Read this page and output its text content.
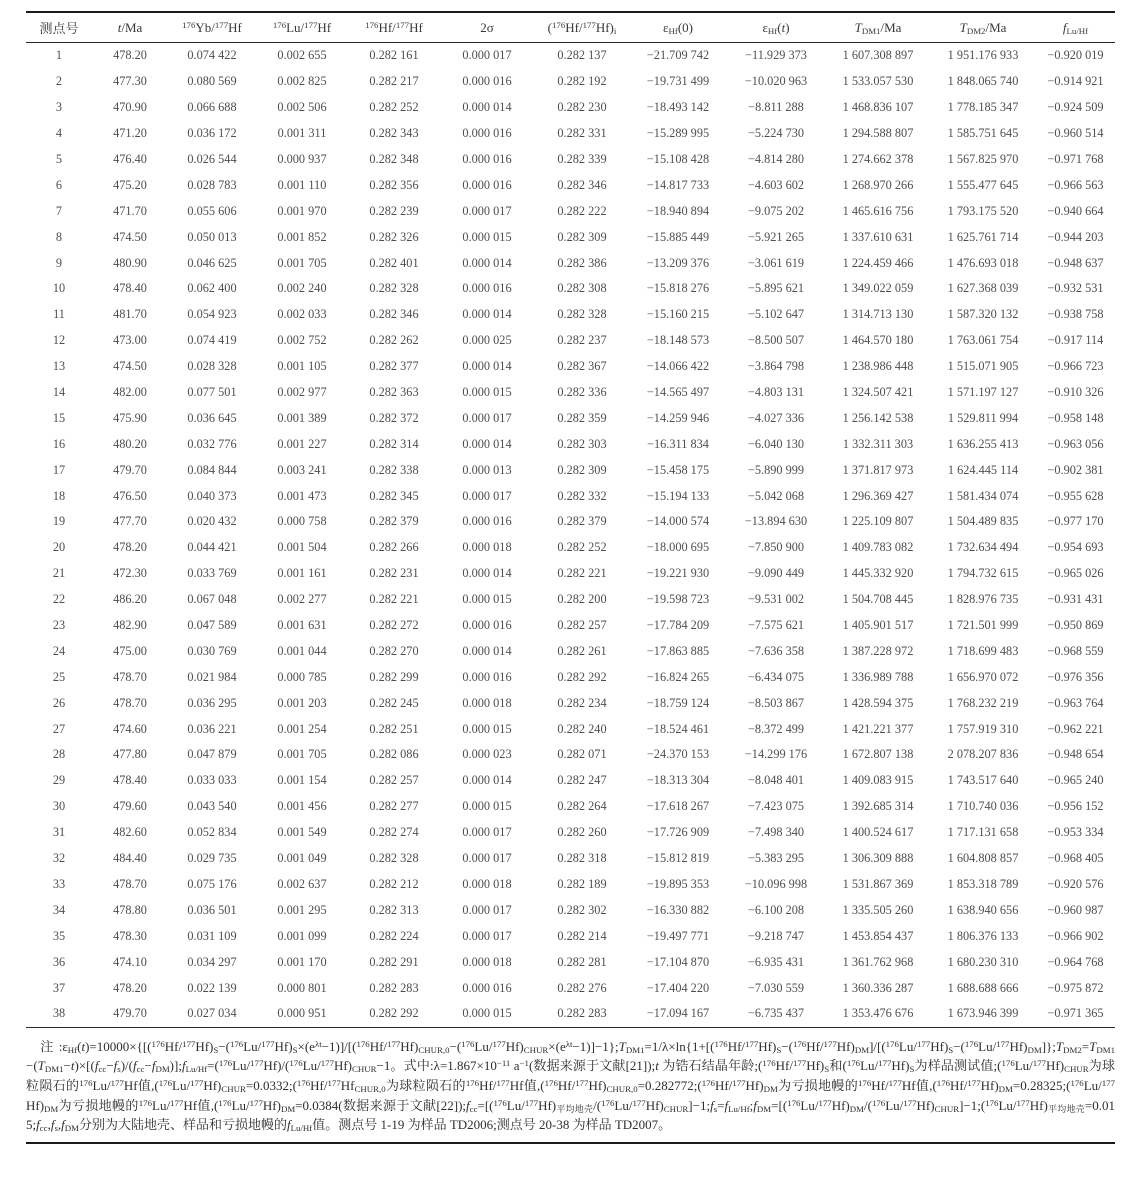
测点号	t/Ma	$^{176}$Yb/$^{177}$Hf	$^{176}$Lu/$^{177}$Hf	$^{176}$Hf/$^{177}$Hf	2σ	$(^{176}Hf/^{177}Hf)_i$	$\varepsilon_{Hf}(0)$	$\varepsilon_{Hf}(t)$	$T_{DM1}/Ma$	$T_{DM2}/Ma$	$f_{Lu/Hf}$
1	478.20	0.074 422	0.002 655	0.282 161	0.000 017	0.282 137	−21.709 742	−11.929 373	1 607.308 897	1 951.176 933	−0.920 019
2	477.30	0.080 569	0.002 825	0.282 217	0.000 016	0.282 192	−19.731 499	−10.020 963	1 533.057 530	1 848.065 740	−0.914 921
3	470.90	0.066 688	0.002 506	0.282 252	0.000 014	0.282 230	−18.493 142	−8.811 288	1 468.836 107	1 778.185 347	−0.924 509
4	471.20	0.036 172	0.001 311	0.282 343	0.000 016	0.282 331	−15.289 995	−5.224 730	1 294.588 807	1 585.751 645	−0.960 514
5	476.40	0.026 544	0.000 937	0.282 348	0.000 016	0.282 339	−15.108 428	−4.814 280	1 274.662 378	1 567.825 970	−0.971 768
6	475.20	0.028 783	0.001 110	0.282 356	0.000 016	0.282 346	−14.817 733	−4.603 602	1 268.970 266	1 555.477 645	−0.966 563
7	471.70	0.055 606	0.001 970	0.282 239	0.000 017	0.282 222	−18.940 894	−9.075 202	1 465.616 756	1 793.175 520	−0.940 664
8	474.50	0.050 013	0.001 852	0.282 326	0.000 015	0.282 309	−15.885 449	−5.921 265	1 337.610 631	1 625.761 714	−0.944 203
9	480.90	0.046 625	0.001 705	0.282 401	0.000 014	0.282 386	−13.209 376	−3.061 619	1 224.459 466	1 476.693 018	−0.948 637
10	478.40	0.062 400	0.002 240	0.282 328	0.000 016	0.282 308	−15.818 276	−5.895 621	1 349.022 059	1 627.368 039	−0.932 531
11	481.70	0.054 923	0.002 033	0.282 346	0.000 014	0.282 328	−15.160 215	−5.102 647	1 314.713 130	1 587.320 132	−0.938 758
12	473.00	0.074 419	0.002 752	0.282 262	0.000 025	0.282 237	−18.148 573	−8.500 507	1 464.570 180	1 763.061 754	−0.917 114
13	474.50	0.028 328	0.001 105	0.282 377	0.000 014	0.282 367	−14.066 422	−3.864 798	1 238.986 448	1 515.071 905	−0.966 723
14	482.00	0.077 501	0.002 977	0.282 363	0.000 015	0.282 336	−14.565 497	−4.803 131	1 324.507 421	1 571.197 127	−0.910 326
15	475.90	0.036 645	0.001 389	0.282 372	0.000 017	0.282 359	−14.259 946	−4.027 336	1 256.142 538	1 529.811 994	−0.958 148
16	480.20	0.032 776	0.001 227	0.282 314	0.000 014	0.282 303	−16.311 834	−6.040 130	1 332.311 303	1 636.255 413	−0.963 056
17	479.70	0.084 844	0.003 241	0.282 338	0.000 013	0.282 309	−15.458 175	−5.890 999	1 371.817 973	1 624.445 114	−0.902 381
18	476.50	0.040 373	0.001 473	0.282 345	0.000 017	0.282 332	−15.194 133	−5.042 068	1 296.369 427	1 581.434 074	−0.955 628
19	477.70	0.020 432	0.000 758	0.282 379	0.000 016	0.282 379	−14.000 574	−13.894 630	1 225.109 807	1 504.489 835	−0.977 170
20	478.20	0.044 421	0.001 504	0.282 266	0.000 018	0.282 252	−18.000 695	−7.850 900	1 409.783 082	1 732.634 494	−0.954 693
21	472.30	0.033 769	0.001 161	0.282 231	0.000 014	0.282 221	−19.221 930	−9.090 449	1 445.332 920	1 794.732 615	−0.965 026
22	486.20	0.067 048	0.002 277	0.282 221	0.000 015	0.282 200	−19.598 723	−9.531 002	1 504.708 445	1 828.976 735	−0.931 431
23	482.90	0.047 589	0.001 631	0.282 272	0.000 016	0.282 257	−17.784 209	−7.575 621	1 405.901 517	1 721.501 999	−0.950 869
24	475.00	0.030 769	0.001 044	0.282 270	0.000 014	0.282 261	−17.863 885	−7.636 358	1 387.228 972	1 718.699 483	−0.968 559
25	478.70	0.021 984	0.000 785	0.282 299	0.000 016	0.282 292	−16.824 265	−6.434 075	1 336.989 788	1 656.970 072	−0.976 356
26	478.70	0.036 295	0.001 203	0.282 245	0.000 018	0.282 234	−18.759 124	−8.503 867	1 428.594 375	1 768.232 219	−0.963 764
27	474.60	0.036 221	0.001 254	0.282 251	0.000 015	0.282 240	−18.524 461	−8.372 499	1 421.221 377	1 757.919 310	−0.962 221
28	477.80	0.047 879	0.001 705	0.282 086	0.000 023	0.282 071	−24.370 153	−14.299 176	1 672.807 138	2 078.207 836	−0.948 654
29	478.40	0.033 033	0.001 154	0.282 257	0.000 014	0.282 247	−18.313 304	−8.048 401	1 409.083 915	1 743.517 640	−0.965 240
30	479.60	0.043 540	0.001 456	0.282 277	0.000 015	0.282 264	−17.618 267	−7.423 075	1 392.685 314	1 710.740 036	−0.956 152
31	482.60	0.052 834	0.001 549	0.282 274	0.000 017	0.282 260	−17.726 909	−7.498 340	1 400.524 617	1 717.131 658	−0.953 334
32	484.40	0.029 735	0.001 049	0.282 328	0.000 017	0.282 318	−15.812 819	−5.383 295	1 306.309 888	1 604.808 857	−0.968 405
33	478.70	0.075 176	0.002 637	0.282 212	0.000 018	0.282 189	−19.895 353	−10.096 998	1 531.867 369	1 853.318 789	−0.920 576
34	478.80	0.036 501	0.001 295	0.282 313	0.000 017	0.282 302	−16.330 882	−6.100 208	1 335.505 260	1 638.940 656	−0.960 987
35	478.30	0.031 109	0.001 099	0.282 224	0.000 017	0.282 214	−19.497 771	−9.218 747	1 453.854 437	1 806.376 133	−0.966 902
36	474.10	0.034 297	0.001 170	0.282 291	0.000 018	0.282 281	−17.104 870	−6.935 431	1 361.762 968	1 680.230 310	−0.964 768
37	478.20	0.022 139	0.000 801	0.282 283	0.000 016	0.282 276	−17.404 220	−7.030 559	1 360.336 287	1 688.688 666	−0.975 872
38	479.70	0.027 034	0.000 951	0.282 292	0.000 015	0.282 283	−17.094 167	−6.735 437	1 353.476 676	1 673.946 399	−0.971 365

注$:\varepsilon_{Hf}(t)=10000\times\{[(^{176}Hf/^{177}Hf)_S-(^{176}Lu/^{177}Hf)_S\times(e^{\lambda t}-1)]/[(^{176}Hf/^{177}Hf)_{CHUR,0}-(^{176}Lu/^{177}Hf)_{CHUR}\times(e^{\lambda t}-1)]-1\};T_{DM1}=1/\lambda\times\ln\{1+[(^{176}Hf/^{177}Hf)_S-(^{176}Hf/^{177}Hf)_{DM}]/[(^{176}Lu{}/^{177}Hf)_S-(^{176}Lu/^{177}Hf)_{DM}]\};T_{DM2}=T_{DM1}-(T_{DM1}-t)\times[(f_{cc}-f_s)/(f_{cc}-f_{DM})];f_{Lu/Hf}=(^{176}Lu/^{177}Hf)/(^{176}Lu/^{177}Hf)_{CHUR}-1$。式中$:\lambda=1.867\times 10^{-11}$ $a^{-1}$(数据来源于文献[21]);t 为锆石结晶年龄$;(^{176}Hf/^{177}Hf)_S$和$(^{176}Lu/^{177}Hf)_S$为样品测试值$;(^{176}Lu/^{177}Hf)_{CHUR}$为球粒陨石的$^{176}$Lu/$^{177}$Hf值$,(^{176}Lu/^{177}Hf)_{CHUR}=0.0332;(^{176}Hf/^{177}Hf_{CHUR,0}$为球粒陨石的$^{176}$Hf/$^{177}$Hf值$,(^{176}Hf/^{177}Hf)_{CHUR,0}=0.282772;(^{176}Hf/^{177}Hf)_{DM}$为亏损地幔的$^{176}$Hf/$^{177}$Hf值$,(^{176}Hf/^{177}Hf)_{DM}=0.28325;(^{176}Lu/^{177}Hf)_{DM}$为亏损地幔的$^{176}$Lu/$^{177}$Hf值$,(^{176}Lu/^{177}Hf)_{DM}=0.0384$(数据来源于文献$[22]);f_{cc}=[(^{176}Lu/^{177}Hf)_{平均地壳}/(^{176}Lu/^{177}Hf)_{CHUR}]-1;f_s=f_{Lu/Hf};f_{DM}=[(^{176}Lu/^{177}Hf)_{DM}/(^{176}Lu/^{177}Hf)_{CHUR}]-1;(^{176}Lu/^{177}Hf)_{平均地壳}=0.015;f_{cc},f_s,f_{DM}$分别为大陆地壳、样品和亏损地幔的$f_{Lu/Hf}$值。测点号 1-19 为样品 TD2006;测点号 20-38 为样品 TD2007。
